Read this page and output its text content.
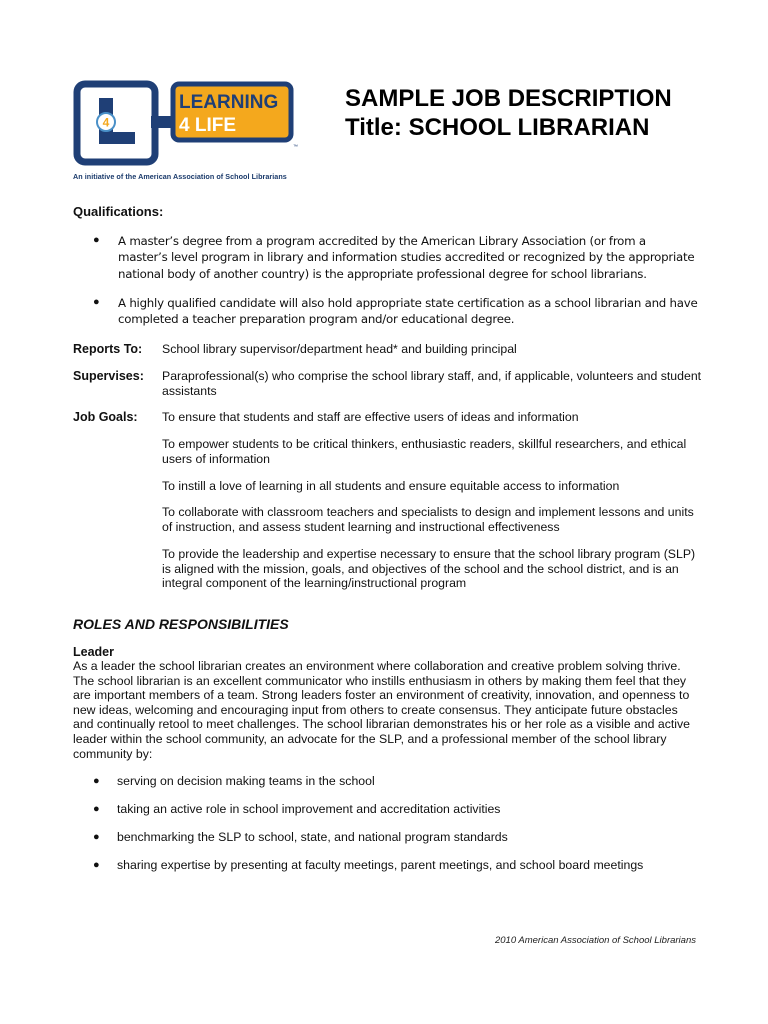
4
LEARNING
4 LIFE
™
An initiative of the American Association of School Librarians
SAMPLE JOB DESCRIPTION
Title: SCHOOL LIBRARIAN
Qualifications:
● A master’s degree from a program accredited by the American Library Association (or from a master’s level program in library and information studies accredited or recognized by the appropriate national body of another country) is the appropriate professional degree for school librarians.
● A highly qualified candidate will also hold appropriate state certification as a school librarian and have completed a teacher preparation program and/or educational degree.
Reports To: School library supervisor/department head* and building principal
Supervises: Paraprofessional(s) who comprise the school library staff, and, if applicable, volunteers and student assistants
Job Goals: To ensure that students and staff are effective users of ideas and information
To empower students to be critical thinkers, enthusiastic readers, skillful researchers, and ethical users of information
To instill a love of learning in all students and ensure equitable access to information
To collaborate with classroom teachers and specialists to design and implement lessons and units of instruction, and assess student learning and instructional effectiveness
To provide the leadership and expertise necessary to ensure that the school library program (SLP) is aligned with the mission, goals, and objectives of the school and the school district, and is an integral component of the learning/instructional program
ROLES AND RESPONSIBILITIES
Leader
As a leader the school librarian creates an environment where collaboration and creative problem solving thrive. The school librarian is an excellent communicator who instills enthusiasm in others by making them feel that they are important members of a team. Strong leaders foster an environment of creativity, innovation, and openness to new ideas, welcoming and encouraging input from others to create consensus. They anticipate future obstacles and continually retool to meet challenges. The school librarian demonstrates his or her role as a visible and active leader within the school community, an advocate for the SLP, and a professional member of the school library community by:
● serving on decision making teams in the school
● taking an active role in school improvement and accreditation activities
● benchmarking the SLP to school, state, and national program standards
● sharing expertise by presenting at faculty meetings, parent meetings, and school board meetings
2010 American Association of School Librarians
